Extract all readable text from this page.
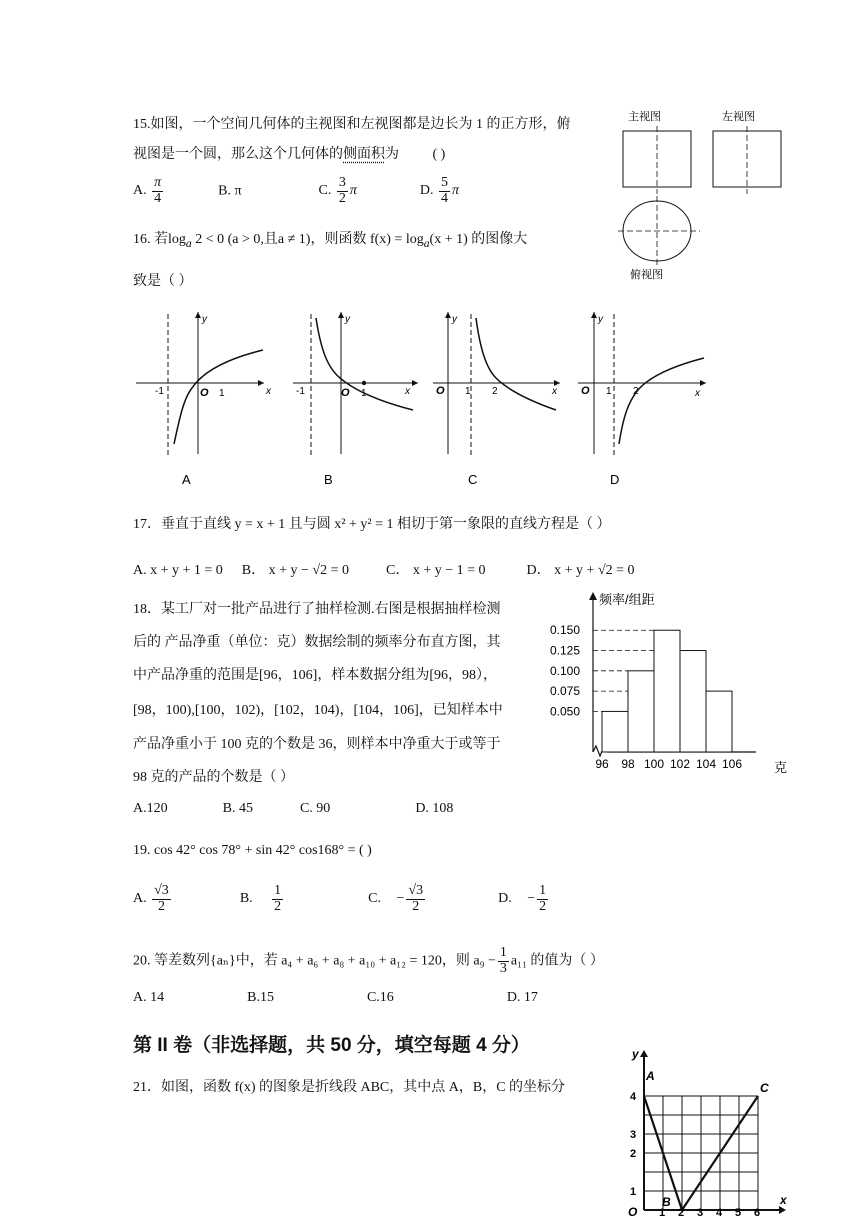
15.如图，一个空间几何体的主视图和左视图都是边长为 1 的正方形，俯
视图是一个圆，那么这个几何体的侧面积为 ( )
A. $\frac{\pi}{4}$	B. π	C. $\frac{3}{2}$ π	D. $\frac{5}{4}$ π
主视图	左视图
俯视图
16. 若$\log_a 2 < 0$ (a > 0,且a ≠ 1)，则函数 $f(x) = \log_a(x + 1)$ 的图像大
致是（ ）
-1	O 1	x
y
A
-1	O 1	x
y
B
O 1 2	x
y
C
O 1 2	x
y
D
17．垂直于直线 y = x + 1 且与圆 x² + y² = 1 相切于第一象限的直线方程是（ ）
A. x + y + 1 = 0 B． x + y − √2 = 0	C． x + y − 1 = 0	D． x + y + √2 = 0
18．某工厂对一批产品进行了抽样检测.右图是根据抽样检测
后的 产品净重（单位：克）数据绘制的频率分布直方图，其
中产品净重的范围是[96，106]，样本数据分组为[96，98），
[98，100),[100，102)，[102，104)，[104，106]，已知样本中
产品净重小于 100 克的个数是 36，则样本中净重大于或等于
98 克的产品的个数是（ ）
A.120	B. 45	C. 90	D. 108
频率/组距
克
0.150
0.125
0.100
0.075
0.050
96 98 100 102 104 106
19. cos 42° cos 78° + sin 42° cos168° = ( )
A. $\frac{√3}{2}$	B. $\frac{1}{2}$	C. − $\frac{√3}{2}$	D. − $\frac{1}{2}$
20. 等差数列{aₙ}中，若 a₄ + a₆ + a₈ + a₁₀ + a₁₂ = 120，则 $a_9 - \frac{1}{3} a_{11}$ 的值为（ ）
A. 14	B.15	C.16	D. 17
第 II 卷（非选择题，共 50 分，填空每题 4 分）
21．如图，函数 f(x) 的图象是折线段 ABC，其中点 A，B，C 的坐标分
y
x
A
B
C
O
1
2
3
4
1 2 3 4 5 6
